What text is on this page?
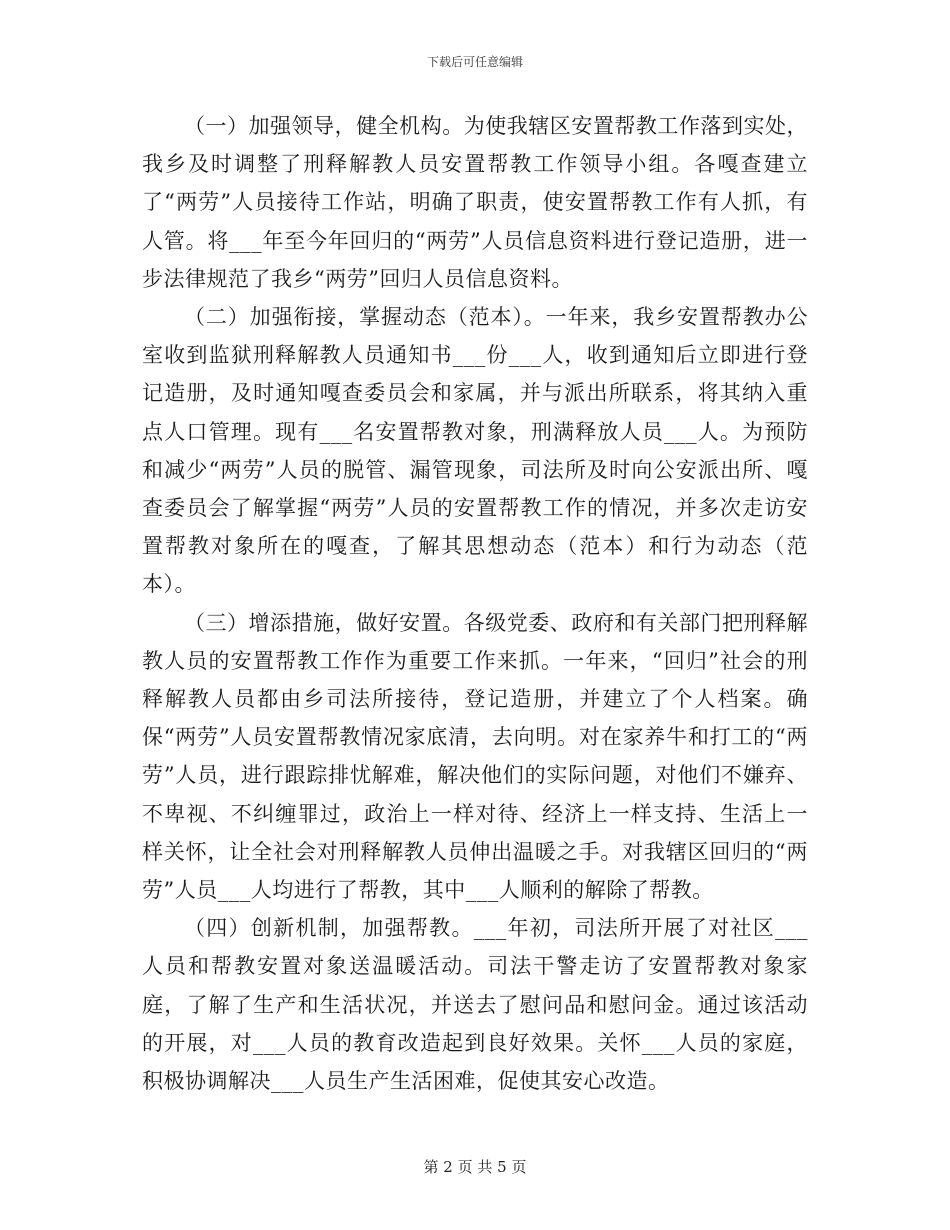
下载后可任意编辑

（一）加强领导，健全机构。为使我辖区安置帮教工作落到实处，我乡及时调整了刑释解教人员安置帮教工作领导小组。各嘎查建立了“两劳”人员接待工作站，明确了职责，使安置帮教工作有人抓，有人管。将___年至今年回归的“两劳”人员信息资料进行登记造册，进一步法律规范了我乡“两劳”回归人员信息资料。

（二）加强衔接，掌握动态（范本）。一年来，我乡安置帮教办公室收到监狱刑释解教人员通知书___份___人，收到通知后立即进行登记造册，及时通知嘎查委员会和家属，并与派出所联系，将其纳入重点人口管理。现有___名安置帮教对象，刑满释放人员___人。为预防和减少“两劳”人员的脱管、漏管现象，司法所及时向公安派出所、嘎查委员会了解掌握“两劳”人员的安置帮教工作的情况，并多次走访安置帮教对象所在的嘎查，了解其思想动态（范本）和行为动态（范本）。

（三）增添措施，做好安置。各级党委、政府和有关部门把刑释解教人员的安置帮教工作作为重要工作来抓。一年来，“回归”社会的刑释解教人员都由乡司法所接待，登记造册，并建立了个人档案。确保“两劳”人员安置帮教情况家底清，去向明。对在家养牛和打工的“两劳”人员，进行跟踪排忧解难，解决他们的实际问题，对他们不嫌弃、不卑视、不纠缠罪过，政治上一样对待、经济上一样支持、生活上一样关怀，让全社会对刑释解教人员伸出温暖之手。对我辖区回归的“两劳”人员___人均进行了帮教，其中___人顺利的解除了帮教。

（四）创新机制，加强帮教。___年初，司法所开展了对社区___人员和帮教安置对象送温暖活动。司法干警走访了安置帮教对象家庭，了解了生产和生活状况，并送去了慰问品和慰问金。通过该活动的开展，对___人员的教育改造起到良好效果。关怀___人员的家庭，积极协调解决___人员生产生活困难，促使其安心改造。

第 2 页 共 5 页
